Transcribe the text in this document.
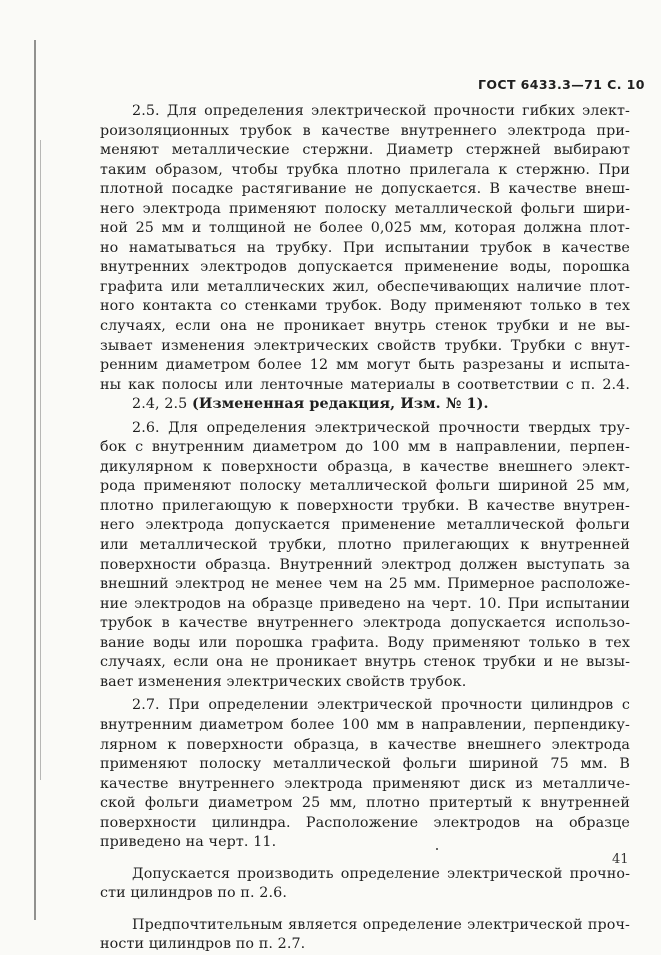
ГОСТ 6433.3—71 С. 10
2.5. Для определения электрической прочности гибких элект-
роизоляционных трубок в качестве внутреннего электрода при-
меняют металлические стержни. Диаметр стержней выбирают
таким образом, чтобы трубка плотно прилегала к стержню. При
плотной посадке растягивание не допускается. В качестве внеш-
него электрода применяют полоску металлической фольги шири-
ной 25 мм и толщиной не более 0,025 мм, которая должна плот-
но наматываться на трубку. При испытании трубок в качестве
внутренних электродов допускается применение воды, порошка
графита или металлических жил, обеспечивающих наличие плот-
ного контакта со стенками трубок. Воду применяют только в тех
случаях, если она не проникает внутрь стенок трубки и не вы-
зывает изменения электрических свойств трубки. Трубки с внут-
ренним диаметром более 12 мм могут быть разрезаны и испыта-
ны как полосы или ленточные материалы в соответствии с п. 2.4.
2.4, 2.5 (Измененная редакция, Изм. № 1).
2.6. Для определения электрической прочности твердых тру-
бок с внутренним диаметром до 100 мм в направлении, перпен-
дикулярном к поверхности образца, в качестве внешнего элект-
рода применяют полоску металлической фольги шириной 25 мм,
плотно прилегающую к поверхности трубки. В качестве внутрен-
него электрода допускается применение металлической фольги
или металлической трубки, плотно прилегающих к внутренней
поверхности образца. Внутренний электрод должен выступать за
внешний электрод не менее чем на 25 мм. Примерное расположе-
ние электродов на образце приведено на черт. 10. При испытании
трубок в качестве внутреннего электрода допускается использо-
вание воды или порошка графита. Воду применяют только в тех
случаях, если она не проникает внутрь стенок трубки и не вызы-
вает изменения электрических свойств трубок.
2.7. При определении электрической прочности цилиндров с
внутренним диаметром более 100 мм в направлении, перпендику-
лярном к поверхности образца, в качестве внешнего электрода
применяют полоску металлической фольги шириной 75 мм. В
качестве внутреннего электрода применяют диск из металличе-
ской фольги диаметром 25 мм, плотно притертый к внутренней
поверхности цилиндра. Расположение электродов на образце
приведено на черт. 11.
Допускается производить определение электрической прочно-
сти цилиндров по п. 2.6.
Предпочтительным является определение электрической проч-
ности цилиндров по п. 2.7.
41
